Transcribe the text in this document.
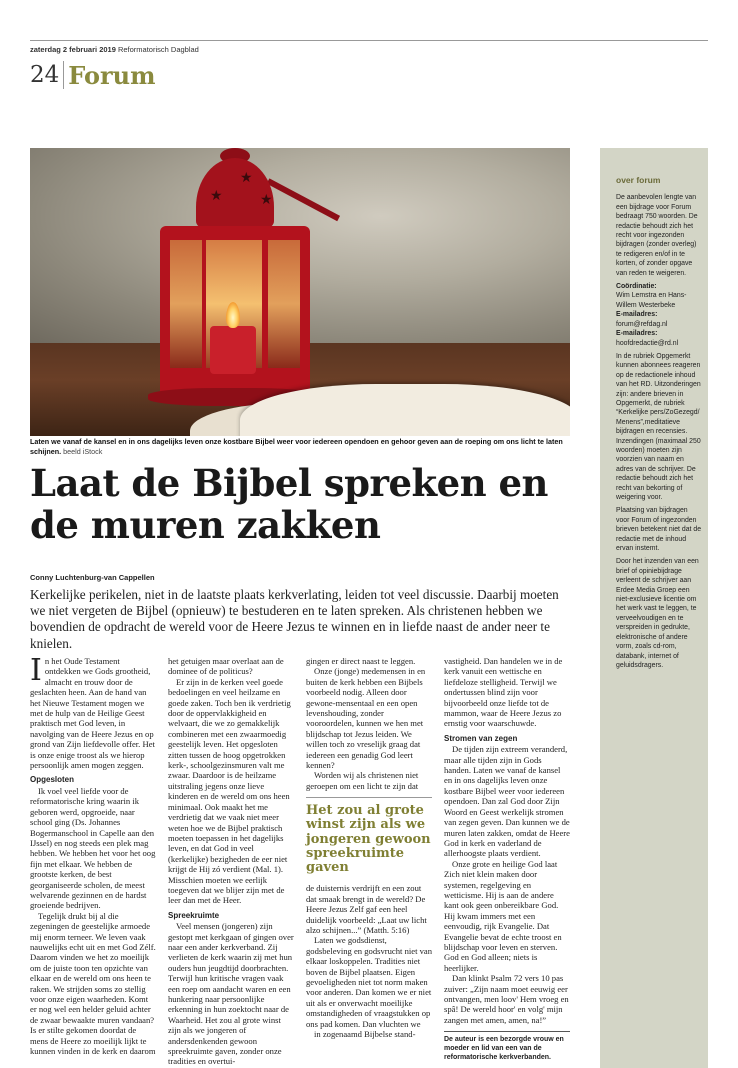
zaterdag 2 februari 2019 Reformatorisch Dagblad
24 Forum
★
★
★
Laten we vanaf de kansel en in ons dagelijks leven onze kostbare Bijbel weer voor iedereen opendoen en gehoor geven aan de roeping om ons licht te laten schijnen. beeld iStock
Laat de Bijbel spreken en de muren zakken
Conny Luchtenburg-van Cappellen
Kerkelijke perikelen, niet in de laatste plaats kerkverlating, leiden tot veel discussie. Daarbij moeten we niet vergeten de Bijbel (opnieuw) te bestuderen en te laten spreken. Als christenen hebben we bovendien de opdracht de wereld voor de Heere Jezus te winnen en in liefde naast de ander neer te knielen.

In het Oude Testament ontdekken we Gods grootheid, almacht en trouw door de geslachten heen. Aan de hand van het Nieuwe Testament mogen we met de hulp van de Heilige Geest praktisch met God leven, in navolging van de Heere Jezus en op grond van Zijn liefdevolle offer. Het is onze enige troost als we hierop persoonlijk amen mogen zeggen.

Opgesloten

Ik voel veel liefde voor de reformatorische kring waarin ik geboren werd, opgroeide, naar school ging (Ds. Johannes Bogermanschool in Capelle aan den IJssel) en nog steeds een plek mag hebben. We hebben het voor het oog fijn met elkaar. We hebben de grootste kerken, de best georganiseerde scholen, de meest welvarende gezinnen en de hardst groeiende bedrijven.

Tegelijk drukt bij al die zegeningen de geestelijke armoede mij enorm terneer. We leven vaak nauwelijks echt uit en met God Zélf. Daarom vinden we het zo moeilijk om de juiste toon ten opzichte van elkaar en de wereld om ons heen te raken. We strijden soms zo stellig voor onze eigen waarheden. Komt er nog wel een helder geluid achter de zwaar bewaakte muren vandaan? Is er stilte gekomen doordat de mens de Heere zo moeilijk lijkt te kunnen vinden in de kerk en daarom

het getuigen maar overlaat aan de dominee of de politicus?

Er zijn in de kerken veel goede bedoelingen en veel heilzame en goede zaken. Toch ben ik verdrietig door de oppervlakkigheid en welvaart, die we zo gemakkelijk combineren met een zwaarmoedig geestelijk leven. Het opgesloten zitten tussen de hoog opgetrokken kerk-, schoolgezinsmuren valt me zwaar. Daardoor is de heilzame uitstraling jegens onze lieve kinderen en de wereld om ons heen minimaal. Ook maakt het me verdrietig dat we vaak niet meer weten hoe we de Bijbel praktisch moeten toepassen in het dagelijks leven, en dat God in veel (kerkelijke) bezigheden de eer niet krijgt de Hij zó verdient (Mal. 1). Misschien moeten we eerlijk toegeven dat we blijer zijn met de leer dan met de Heer.

Spreekruimte

Veel mensen (jongeren) zijn gestopt met kerkgaan of gingen over naar een ander kerkverband. Zij verlieten de kerk waarin zij met hun ouders hun jeugdtijd doorbrachten. Terwijl hun kritische vragen vaak een roep om aandacht waren en een hunkering naar persoonlijke erkenning in hun zoektocht naar de Waarheid. Het zou al grote winst zijn als we jongeren of andersdenkenden gewoon spreekruimte gaven, zonder onze tradities en overtui-

gingen er direct naast te leggen.

Onze (jonge) medemensen in en buiten de kerk hebben een Bijbels voorbeeld nodig. Alleen door gewone-mensentaal en een open levenshouding, zonder voorоordelen, kunnen we hen met blijdschap tot Jezus leiden. We willen toch zo vreselijk graag dat iedereen een genadig God leert kennen?

Worden wij als christenen niet geroepen om een licht te zijn dat

Het zou al grote winst zijn als we jongeren gewoon spreekruimte gaven

de duisternis verdrijft en een zout dat smaak brengt in de wereld? De Heere Jezus Zelf gaf een heel duidelijk voorbeeld: „Laat uw licht alzo schijnen...” (Matth. 5:16)

Laten we godsdienst, godsbeleving en godsvrucht niet van elkaar loskoppelen. Tradities niet boven de Bijbel plaatsen. Eigen gevoeligheden niet tot norm maken voor anderen. Dan komen we er niet uit als er onverwacht moeilijke omstandigheden of vraagstukken op ons pad komen. Dan vluchten we

in zogenaamd Bijbelse stand-

vastigheid. Dan handelen we in de kerk vanuit een wettische en liefdeloze stelligheid. Terwijl we ondertussen blind zijn voor bijvoorbeeld onze liefde tot de mammon, waar de Heere Jezus zo ernstig voor waarschuwde.

Stromen van zegen

De tijden zijn extreem veranderd, maar alle tijden zijn in Gods handen. Laten we vanaf de kansel en in ons dagelijks leven onze kostbare Bijbel weer voor iedereen opendoen. Dan zal God door Zijn Woord en Geest werkelijk stromen van zegen geven. Dan kunnen we de muren laten zakken, omdat de Heere God in kerk en vaderland de allerhoogste plaats verdient.

Onze grote en heilige God laat Zich niet klein maken door systemen, regelgeving en wetticisme. Hij is aan de andere kant ook geen onbereikbare God. Hij kwam immers met een eenvoudig, rijk Evangelie. Dat Evangelie bevat de echte troost en blijdschap voor leven en sterven. God en God alleen; niets is heerlijker.

Dan klinkt Psalm 72 vers 10 pas zuiver: „Zijn naam moet eeuwig eer ontvangen, men loov' Hem vroeg en spâ! De wereld hoor' en volg' mijn zangen met amen, amen, na!”

De auteur is een bezorgde vrouw en moeder en lid van een van de reformatorische kerkverbanden.
over forum

De aanbevolen lengte van een bijdrage voor Forum bedraagt 750 woorden. De redactie behoudt zich het recht voor ingezonden bijdragen (zonder overleg) te redigeren en/of in te korten, of zonder opgave van reden te weigeren.

Coördinatie:
Wim Lemstra en Hans-Willem Westerbeke
E-mailadres:
forum@refdag.nl
E-mailadres:
hoofdredactie@rd.nl

In de rubriek Opgemerkt kunnen abonnees reageren op de redactionele inhoud van het RD. Uitzonderingen zijn: andere brieven in Opgemerkt, de rubriek “Kerkelijke pers/ZoGezegd/ Menens”,meditatieve bijdragen en recensies. Inzendingen (maximaal 250 woorden) moeten zijn voorzien van naam en adres van de schrijver. De redactie behoudt zich het recht van bekorting of weigering voor.

Plaatsing van bijdragen voor Forum of ingezonden brieven betekent niet dat de redactie met de inhoud ervan instemt.

Door het inzenden van een brief of opiniebijdrage verleent de schrijver aan Erdee Media Groep een niet-exclusieve licentie om het werk vast te leggen, te verveelvoudigen en te verspreiden in gedrukte, elektronische of andere vorm, zoals cd-rom, databank, internet of geluidsdragers.
